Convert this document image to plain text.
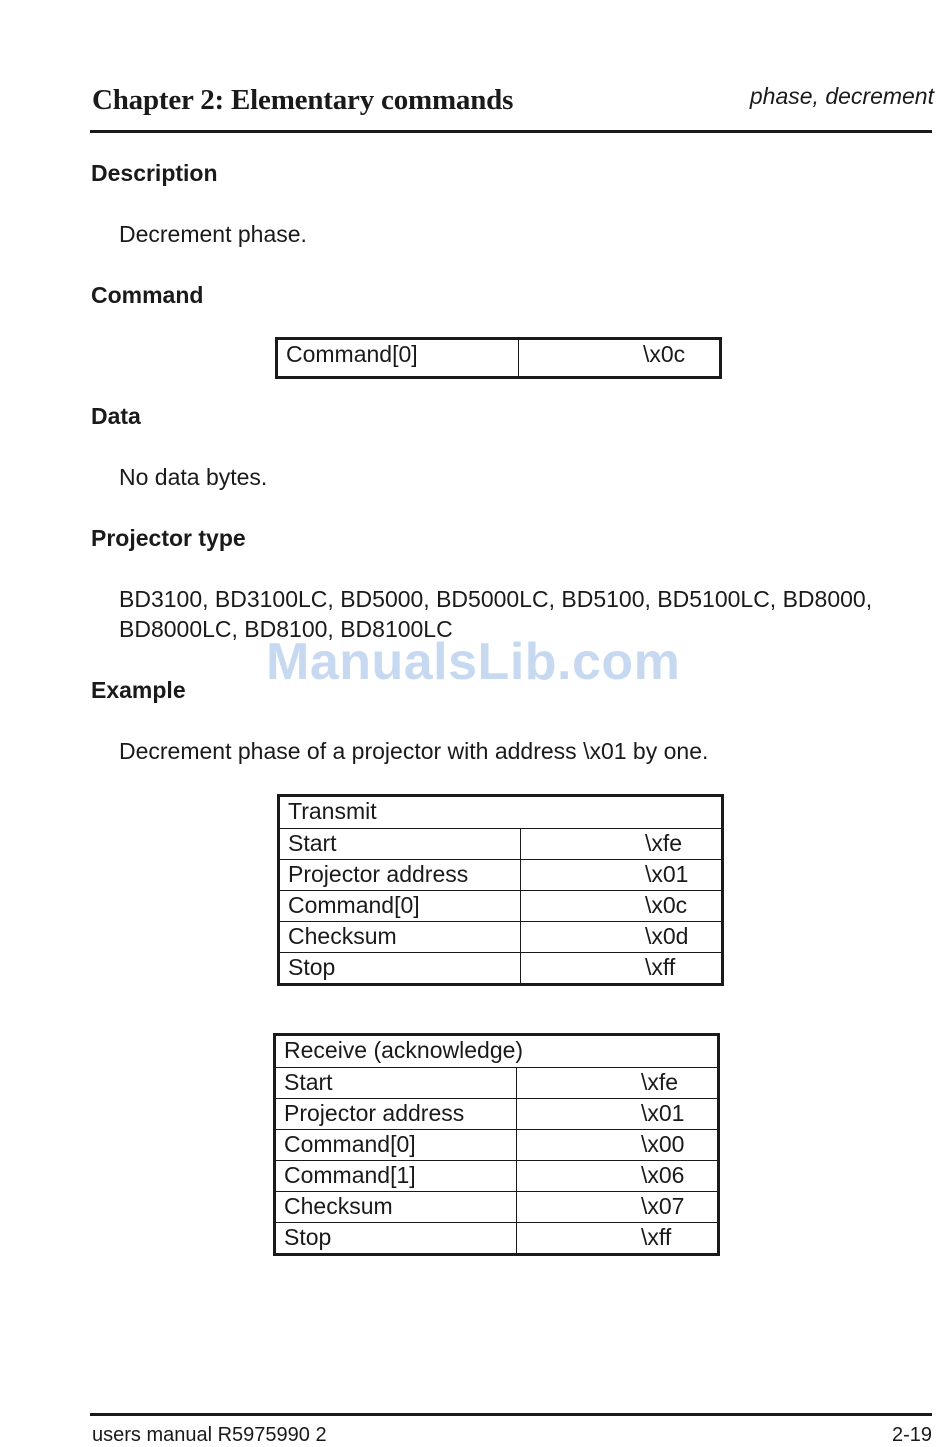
Chapter 2: Elementary commands	phase, decrement
Description
Decrement phase.
Command
Command[0]	\x0c
Data
No data bytes.
Projector type
BD3100, BD3100LC, BD5000, BD5000LC, BD5100, BD5100LC, BD8000,
BD8000LC, BD8100, BD8100LC
ManualsLib.com
Example
Decrement phase of a projector with address \x01 by one.
Transmit	
Start	\xfe
Projector address	\x01
Command[0]	\x0c
Checksum	\x0d
Stop	\xff
Receive (acknowledge)	
Start	\xfe
Projector address	\x01
Command[0]	\x00
Command[1]	\x06
Checksum	\x07
Stop	\xff
users manual R5975990 2	2-19
